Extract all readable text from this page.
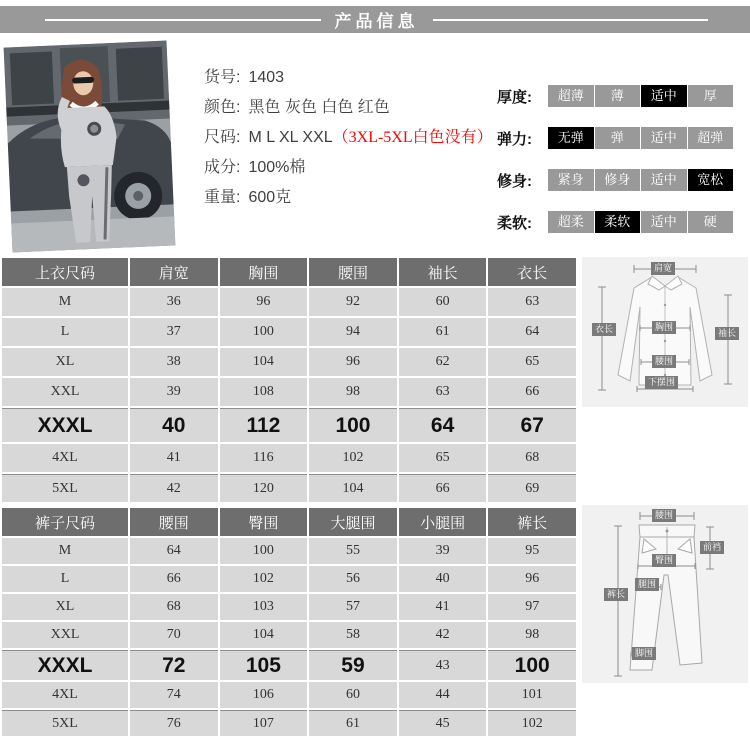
产品信息
货号: 1403
颜色: 黑色 灰色 白色 红色
尺码: M L XL XXL（3XL-5XL白色没有）
成分: 100%棉
重量: 600克
厚度:	超薄	薄	适中	厚
弹力:	无弹	弹	适中	超弹
修身:	紧身	修身	适中	宽松
柔软:	超柔	柔软	适中	硬
上衣尺码	肩宽	胸围	腰围	袖长	衣长
M	36	96	92	60	63
L	37	100	94	61	64
XL	38	104	96	62	65
XXL	39	108	98	63	66
XXXL	40	112	100	64	67
4XL	41	116	102	65	68
5XL	42	120	104	66	69
裤子尺码	腰围	臀围	大腿围	小腿围	裤长
M	64	100	55	39	95
L	66	102	56	40	96
XL	68	103	57	41	97
XXL	70	104	58	42	98
XXXL	72	105	59	43	100
4XL	74	106	60	44	101
5XL	76	107	61	45	102
肩宽
衣长	胸围
腰围
袖长
下摆围
腰围
前裆
臀围
腿围
裤长
脚围
